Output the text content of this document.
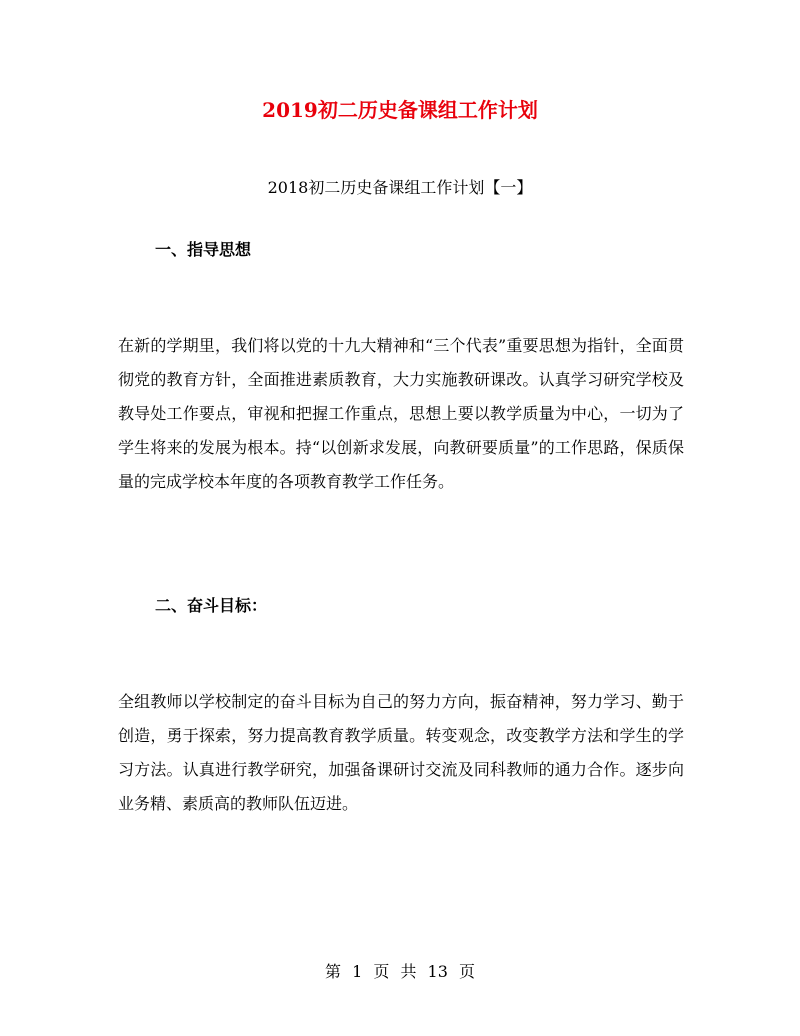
2019初二历史备课组工作计划
2018初二历史备课组工作计划【一】
一、指导思想

在新的学期里，我们将以党的十九大精神和“三个代表”重要思想为指针，全面贯彻党的教育方针，全面推进素质教育，大力实施教研课改。认真学习研究学校及教导处工作要点，审视和把握工作重点，思想上要以教学质量为中心，一切为了学生将来的发展为根本。持“以创新求发展，向教研要质量”的工作思路，保质保量的完成学校本年度的各项教育教学工作任务。

二、奋斗目标：

全组教师以学校制定的奋斗目标为自己的努力方向，振奋精神，努力学习、勤于创造，勇于探索，努力提高教育教学质量。转变观念，改变教学方法和学生的学习方法。认真进行教学研究，加强备课研讨交流及同科教师的通力合作。逐步向业务精、素质高的教师队伍迈进。

第 1 页 共 13 页
